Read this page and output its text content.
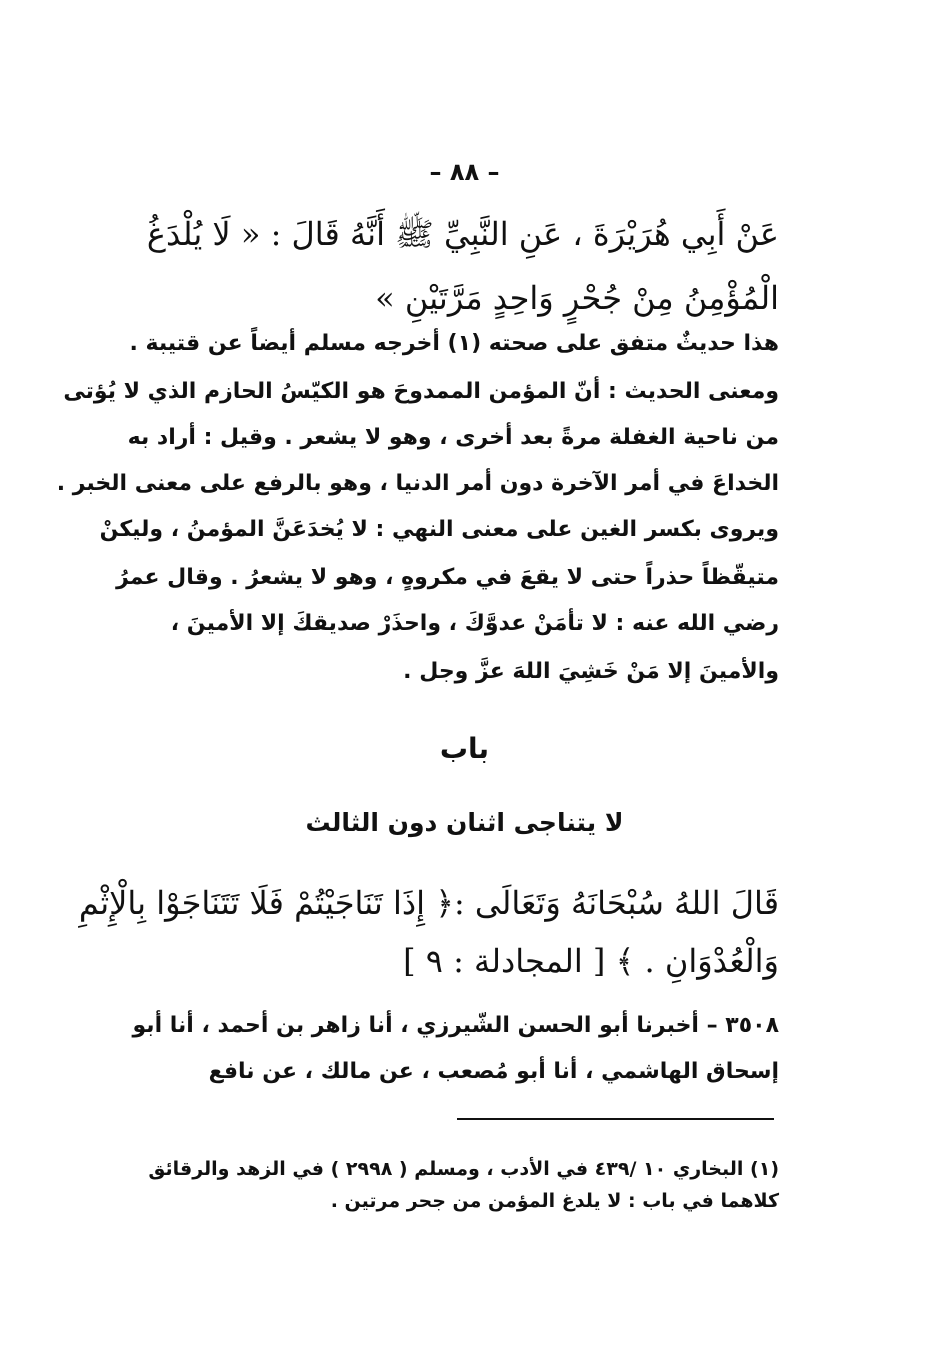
– ٨٨ –
عَنْ أَبِي هُرَيْرَةَ ، عَنِ النَّبِيِّ ﷺ أَنَّهُ قَالَ : « لَا يُلْدَغُ
الْمُؤْمِنُ مِنْ جُحْرٍ وَاحِدٍ مَرَّتَيْنِ »
هذا حديثٌ متفق على صحته (١) أخرجه مسلم أيضاً عن قتيبة .
ومعنى الحديث : أنّ المؤمن الممدوحَ هو الكيّسُ الحازم الذي لا يُؤتى
من ناحية الغفلة مرةً بعد أخرى ، وهو لا يشعر . وقيل : أراد به
الخداعَ في أمر الآخرة دون أمر الدنيا ، وهو بالرفع على معنى الخبر .
ويروى بكسر الغين على معنى النهي : لا يُخدَعَنَّ المؤمنُ ، وليكنْ
متيقّظاً حذراً حتى لا يقعَ في مكروهٍ ، وهو لا يشعرُ . وقال عمرُ
رضي الله عنه : لا تأمَنْ عدوَّكَ ، واحذَرْ صديقكَ إلا الأمينَ ،
والأمينَ إلا مَنْ خَشِيَ اللهَ عزَّ وجل .
باب
لا يتناجى اثنان دون الثالث
قَالَ اللهُ سُبْحَانَهُ وَتَعَالَى :﴿ إِذَا تَنَاجَيْتُمْ فَلَا تَتَنَاجَوْا بِالْإِثْمِ
وَالْعُدْوَانِ . ﴾ [ المجادلة : ٩ ]
٣٥٠٨ – أخبرنا أبو الحسن الشّيرزي ، أنا زاهر بن أحمد ، أنا أبو
إسحاق الهاشمي ، أنا أبو مُصعب ، عن مالك ، عن نافع
(١) البخاري ١٠ /٤٣٩ في الأدب ، ومسلم ( ٢٩٩٨ ) في الزهد والرقائق
كلاهما في باب : لا يلدغ المؤمن من جحر مرتين .
